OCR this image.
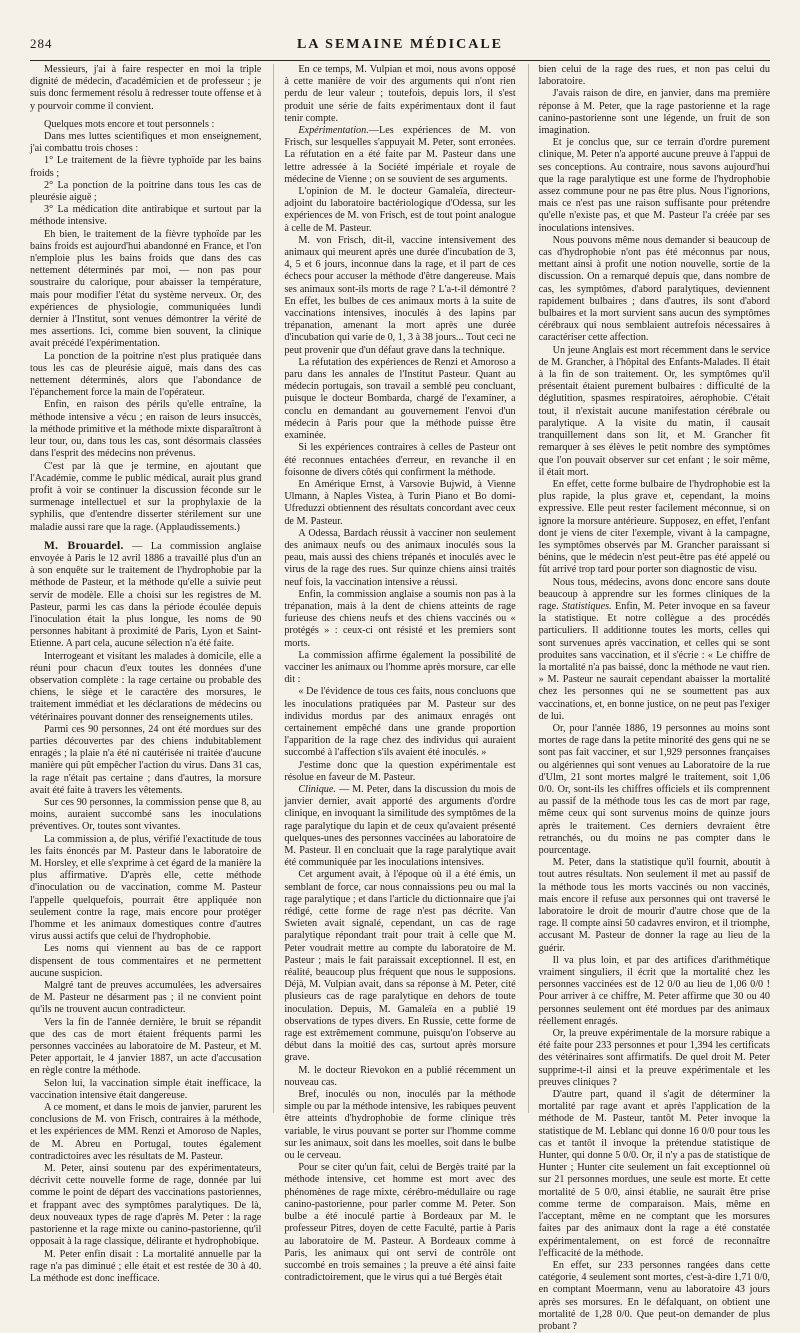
284	LA SEMAINE MÉDICALE

Messieurs, j'ai à faire respecter en moi la triple dignité de médecin, d'académicien et de professeur ; je suis donc fermement résolu à redresser toute offense et à y pourvoir comme il convient.

Quelques mots encore et tout personnels :

Dans mes luttes scientifiques et mon enseignement, j'ai combattu trois choses :

1° Le traitement de la fièvre typhoïde par les bains froids ;

2° La ponction de la poitrine dans tous les cas de pleurésie aiguë ;

3° La médication dite antirabique et surtout par la méthode intensive.

Eh bien, le traitement de la fièvre typhoïde par les bains froids est aujourd'hui abandonné en France, et l'on n'emploie plus les bains froids que dans des cas nettement déterminés par moi, — non pas pour soustraire du calorique, pour abaisser la température, mais pour modifier l'état du système nerveux. Or, des expériences de physiologie, communiquées lundi dernier à l'Institut, sont venues démontrer la vérité de mes assertions. Ici, comme bien souvent, la clinique avait précédé l'expérimentation.

La ponction de la poitrine n'est plus pratiquée dans tous les cas de pleurésie aiguë, mais dans des cas nettement déterminés, alors que l'abondance de l'épanchement force la main de l'opérateur.

Enfin, en raison des périls qu'elle entraîne, la méthode intensive a vécu ; en raison de leurs insuccès, la méthode primitive et la méthode mixte disparaîtront à leur tour, ou, dans tous les cas, sont désormais classées dans l'esprit des médecins non prévenus.

C'est par là que je termine, en ajoutant que l'Académie, comme le public médical, aurait plus grand profit à voir se continuer la discussion féconde sur le surmenage intellectuel et sur la prophylaxie de la syphilis, que d'entendre disserter stérilement sur une maladie aussi rare que la rage. (Applaudissements.)

M. Brouardel. — La commission anglaise envoyée à Paris le 12 avril 1886 a travaillé plus d'un an à son enquête sur le traitement de l'hydrophobie par la méthode de Pasteur, et la méthode qu'elle a suivie peut servir de modèle. Elle a choisi sur les registres de M. Pasteur, parmi les cas dans la période écoulée depuis l'inoculation était la plus longue, les noms de 90 personnes habitant à proximité de Paris, Lyon et Saint-Etienne. A part cela, aucune sélection n'a été faite.

Interrogeant et visitant les malades à domicile, elle a réuni pour chacun d'eux toutes les données d'une observation complète : la rage certaine ou probable des chiens, le siège et le caractère des morsures, le traitement immédiat et les déclarations de médecins ou vétérinaires pouvant donner des renseignements utiles.

Parmi ces 90 personnes, 24 ont été mordues sur des parties découvertes par des chiens indubitablement enragés ; la plaie n'a été ni cautérisée ni traitée d'aucune manière qui pût empêcher l'action du virus. Dans 31 cas, la rage n'était pas certaine ; dans d'autres, la morsure avait été faite à travers les vêtements.

Sur ces 90 personnes, la commission pense que 8, au moins, auraient succombé sans les inoculations préventives. Or, toutes sont vivantes.

La commission a, de plus, vérifié l'exactitude de tous les faits énoncés par M. Pasteur dans le laboratoire de M. Horsley, et elle s'exprime à cet égard de la manière la plus affirmative. D'après elle, cette méthode d'inoculation ou de vaccination, comme M. Pasteur l'appelle quelquefois, pourrait être appliquée non seulement contre la rage, mais encore pour protéger l'homme et les animaux domestiques contre d'autres virus aussi actifs que celui de l'hydrophobie.

Les noms qui viennent au bas de ce rapport dispensent de tous commentaires et ne permettent aucune suspicion.

Malgré tant de preuves accumulées, les adversaires de M. Pasteur ne désarment pas ; il ne convient point qu'ils ne trouvent aucun contradicteur.

Vers la fin de l'année dernière, le bruit se répandit que des cas de mort étaient fréquents parmi les personnes vaccinées au laboratoire de M. Pasteur, et M. Peter apportait, le 4 janvier 1887, un acte d'accusation en règle contre la méthode.

Selon lui, la vaccination simple était inefficace, la vaccination intensive était dangereuse.

A ce moment, et dans le mois de janvier, parurent les conclusions de M. von Frisch, contraires à la méthode, et les expériences de MM. Renzi et Amoroso de Naples, de M. Abreu en Portugal, toutes également contradictoires avec les résultats de M. Pasteur.

M. Peter, ainsi soutenu par des expérimentateurs, décrivit cette nouvelle forme de rage, donnée par lui comme le point de départ des vaccinations pastoriennes, et frappant avec des symptômes paralytiques. De là, deux nouveaux types de rage d'après M. Peter : la rage pastorienne et la rage mixte ou canino-pastorienne, qu'il opposait à la rage classique, délirante et hydrophobique.

M. Peter enfin disait : La mortalité annuelle par la rage n'a pas diminué ; elle était et est restée de 30 à 40. La méthode est donc inefficace.

En ce temps, M. Vulpian et moi, nous avons opposé à cette manière de voir des arguments qui n'ont rien perdu de leur valeur ; toutefois, depuis lors, il s'est produit une série de faits expérimentaux dont il faut tenir compte.

Expérimentation.—Les expériences de M. von Frisch, sur lesquelles s'appuyait M. Peter, sont erronées. La réfutation en a été faite par M. Pasteur dans une lettre adressée à la Société impériale et royale de médecine de Vienne ; on se souvient de ses arguments.

L'opinion de M. le docteur Gamaleïa, directeur-adjoint du laboratoire bactériologique d'Odessa, sur les expériences de M. von Frisch, est de tout point analogue à celle de M. Pasteur.

M. von Frisch, dit-il, vaccine intensivement des animaux qui meurent après une durée d'incubation de 3, 4, 5 et 6 jours, inconnue dans la rage, et il part de ces échecs pour accuser la méthode d'être dangereuse. Mais ses animaux sont-ils morts de rage ? L'a-t-il démontré ? En effet, les bulbes de ces animaux morts à la suite de vaccinations intensives, inoculés à des lapins par trépanation, amenant la mort après une durée d'incubation qui varie de 0, 1, 3 à 38 jours... Tout ceci ne peut provenir que d'un défaut grave dans la technique.

La réfutation des expériences de Renzi et Amoroso a paru dans les annales de l'Institut Pasteur. Quant au médecin portugais, son travail a semblé peu concluant, puisque le docteur Bombarda, chargé de l'examiner, a conclu en demandant au gouvernement l'envoi d'un médecin à Paris pour que la méthode puisse être examinée.

Si les expériences contraires à celles de Pasteur ont été reconnues entachées d'erreur, en revanche il en foisonne de divers côtés qui confirment la méthode.

En Amérique Ernst, à Varsovie Bujwid, à Vienne Ulmann, à Naples Vistea, à Turin Piano et Bo domi-Ufreduzzi obtiennent des résultats concordant avec ceux de M. Pasteur.

A Odessa, Bardach réussit à vacciner non seulement des animaux neufs ou des animaux inoculés sous la peau, mais aussi des chiens trépanés et inoculés avec le virus de la rage des rues. Sur quinze chiens ainsi traités neuf fois, la vaccination intensive a réussi.

Enfin, la commission anglaise a soumis non pas à la trépanation, mais à la dent de chiens atteints de rage furieuse des chiens neufs et des chiens vaccinés ou « protégés » : ceux-ci ont résisté et les premiers sont morts.

La commission affirme également la possibilité de vacciner les animaux ou l'homme après morsure, car elle dit :

« De l'évidence de tous ces faits, nous concluons que les inoculations pratiquées par M. Pasteur sur des individus mordus par des animaux enragés ont certainement empêché dans une grande proportion l'apparition de la rage chez des individus qui auraient succombé à l'affection s'ils avaient été inoculés. »

J'estime donc que la question expérimentale est résolue en faveur de M. Pasteur.

Clinique. — M. Peter, dans la discussion du mois de janvier dernier, avait apporté des arguments d'ordre clinique, en invoquant la similitude des symptômes de la rage paralytique du lapin et de ceux qu'avaient présenté quelques-unes des personnes vaccinées au laboratoire de M. Pasteur. Il en concluait que la rage paralytique avait été communiquée par les inoculations intensives.

Cet argument avait, à l'époque où il a été émis, un semblant de force, car nous connaissions peu ou mal la rage paralytique ; et dans l'article du dictionnaire que j'ai rédigé, cette forme de rage n'est pas décrite. Van Swieten avait signalé, cependant, un cas de rage paralytique répondant trait pour trait à celle que M. Peter voudrait mettre au compte du laboratoire de M. Pasteur ; mais le fait paraissait exceptionnel. Il est, en réalité, beaucoup plus fréquent que nous le supposions. Déjà, M. Vulpian avait, dans sa réponse à M. Peter, cité plusieurs cas de rage paralytique en dehors de toute inoculation. Depuis, M. Gamaleïa en a publié 19 observations de types divers. En Russie, cette forme de rage est extrêmement commune, puisqu'on l'observe au début dans la moitié des cas, surtout après morsure grave.

M. le docteur Rievokon en a publié récemment un nouveau cas.

Bref, inoculés ou non, inoculés par la méthode simple ou par la méthode intensive, les rabiques peuvent être atteints d'hydrophobie de forme clinique très variable, le virus pouvant se porter sur l'homme comme sur les animaux, soit dans les moelles, soit dans le bulbe ou le cerveau.

Pour se citer qu'un fait, celui de Bergès traité par la méthode intensive, cet homme est mort avec des phénomènes de rage mixte, cérébro-médullaire ou rage canino-pastorienne, pour parler comme M. Peter. Son bulbe a été inoculé partie à Bordeaux par M. le professeur Pitres, doyen de cette Faculté, partie à Paris au laboratoire de M. Pasteur. A Bordeaux comme à Paris, les animaux qui ont servi de contrôle ont succombé en trois semaines ; la preuve a été ainsi faite contradictoirement, que le virus qui a tué Bergès était

bien celui de la rage des rues, et non pas celui du laboratoire.

J'avais raison de dire, en janvier, dans ma première réponse à M. Peter, que la rage pastorienne et la rage canino-pastorienne sont une légende, un fruit de son imagination.

Et je conclus que, sur ce terrain d'ordre purement clinique, M. Peter n'a apporté aucune preuve à l'appui de ses conceptions. Au contraire, nous savons aujourd'hui que la rage paralytique est une forme de l'hydrophobie assez commune pour ne pas être plus. Nous l'ignorions, mais ce n'est pas une raison suffisante pour prétendre qu'elle n'existe pas, et que M. Pasteur l'a créée par ses inoculations intensives.

Nous pouvons même nous demander si beaucoup de cas d'hydrophobie n'ont pas été méconnus par nous, mettant ainsi à profit une notion nouvelle, sortie de la discussion. On a remarqué depuis que, dans nombre de cas, les symptômes, d'abord paralytiques, deviennent rapidement bulbaires ; dans d'autres, ils sont d'abord bulbaires et la mort survient sans aucun des symptômes cérébraux qui nous semblaient autrefois nécessaires à caractériser cette affection.

Un jeune Anglais est mort récemment dans le service de M. Grancher, à l'hôpital des Enfants-Malades. Il était à la fin de son traitement. Or, les symptômes qu'il présentait étaient purement bulbaires : difficulté de la déglutition, spasmes respiratoires, aérophobie. C'était tout, il n'existait aucune manifestation cérébrale ou paralytique. A la visite du matin, il causait tranquillement dans son lit, et M. Grancher fit remarquer à ses élèves le petit nombre des symptômes que l'on pouvait observer sur cet enfant ; le soir même, il était mort.

En effet, cette forme bulbaire de l'hydrophobie est la plus rapide, la plus grave et, cependant, la moins expressive. Elle peut rester facilement méconnue, si on ignore la morsure antérieure. Supposez, en effet, l'enfant dont je viens de citer l'exemple, vivant à la campagne, les symptômes observés par M. Grancher paraissant si bénins, que le médecin n'est peut-être pas été appelé ou fût arrivé trop tard pour porter son diagnostic de visu.

Nous tous, médecins, avons donc encore sans doute beaucoup à apprendre sur les formes cliniques de la rage. Statistiques. Enfin, M. Peter invoque en sa faveur la statistique. Et notre collègue a des procédés particuliers. Il additionne toutes les morts, celles qui sont survenues après vaccination, et celles qui se sont produites sans vaccination, et il s'écrie : « Le chiffre de la mortalité n'a pas baissé, donc la méthode ne vaut rien. » M. Pasteur ne saurait cependant abaisser la mortalité chez les personnes qui ne se soumettent pas aux vaccinations, et, en bonne justice, on ne peut pas l'exiger de lui.

Or, pour l'année 1886, 19 personnes au moins sont mortes de rage dans la petite minorité des gens qui ne se sont pas fait vacciner, et sur 1,929 personnes françaises ou algériennes qui sont venues au Laboratoire de la rue d'Ulm, 21 sont mortes malgré le traitement, soit 1,06 0/0. Or, sont-ils les chiffres officiels et ils comprennent au passif de la méthode tous les cas de mort par rage, même ceux qui sont survenus moins de quinze jours après le traitement. Ces derniers devraient être retranchés, ou du moins ne pas compter dans le pourcentage.

M. Peter, dans la statistique qu'il fournit, aboutit à tout autres résultats. Non seulement il met au passif de la méthode tous les morts vaccinés ou non vaccinés, mais encore il refuse aux personnes qui ont traversé le laboratoire le droit de mourir d'autre chose que de la rage. Il compte ainsi 50 cadavres environ, et il triomphe, accusant M. Pasteur de donner la rage au lieu de la guérir.

Il va plus loin, et par des artifices d'arithmétique vraiment singuliers, il écrit que la mortalité chez les personnes vaccinées est de 12 0/0 au lieu de 1,06 0/0 ! Pour arriver à ce chiffre, M. Peter affirme que 30 ou 40 personnes seulement ont été mordues par des animaux réellement enragés.

Or, la preuve expérimentale de la morsure rabique a été faite pour 233 personnes et pour 1,394 les certificats des vétérinaires sont affirmatifs. De quel droit M. Peter supprime-t-il ainsi et la preuve expérimentale et les preuves cliniques ?

D'autre part, quand il s'agit de déterminer la mortalité par rage avant et après l'application de la méthode de M. Pasteur, tantôt M. Peter invoque la statistique de M. Leblanc qui donne 16 0/0 pour tous les cas et tantôt il invoque la prétendue statistique de Hunter, qui donne 5 0/0. Or, il n'y a pas de statistique de Hunter ; Hunter cite seulement un fait exceptionnel où sur 21 personnes mordues, une seule est morte. Et cette mortalité de 5 0/0, ainsi établie, ne saurait être prise comme terme de comparaison. Mais, même en l'acceptant, même en ne comptant que les morsures faites par des animaux dont la rage a été constatée expérimentalement, on est forcé de reconnaître l'efficacité de la méthode.

En effet, sur 233 personnes rangées dans cette catégorie, 4 seulement sont mortes, c'est-à-dire 1,71 0/0, en comptant Moermann, venu au laboratoire 43 jours après ses morsures. En le défalquant, on obtient une mortalité de 1,28 0/0. Que peut-on demander de plus probant ?
